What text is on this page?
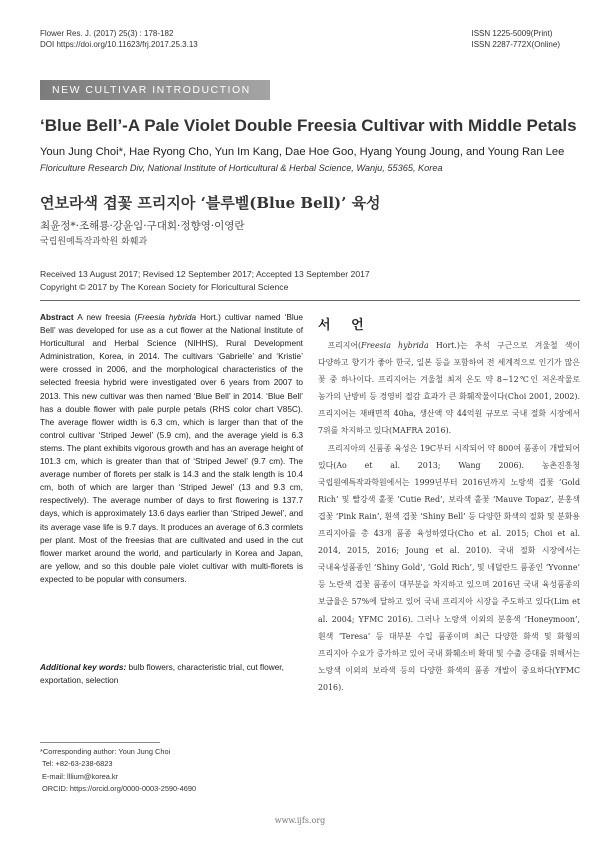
Flower Res. J. (2017) 25(3) : 178-182
DOI https://doi.org/10.11623/frj.2017.25.3.13
ISSN 1225-5009(Print)
ISSN 2287-772X(Online)
NEW CULTIVAR INTRODUCTION
‘Blue Bell’-A Pale Violet Double Freesia Cultivar with Middle Petals
Youn Jung Choi*, Hae Ryong Cho, Yun Im Kang, Dae Hoe Goo, Hyang Young Joung, and Young Ran Lee
Floriculture Research Div, National Institute of Horticultural & Herbal Science, Wanju, 55365, Korea
연보라색 겹꽃 프리지아 ‘블루벨(Blue Bell)’ 육성
최윤정*·조해룡·강윤임·구대회·정향영·이영란
국립원예특작과학원 화훼과
Received 13 August 2017; Revised 12 September 2017; Accepted 13 September 2017
Copyright © 2017 by The Korean Society for Floricultural Science
Abstract A new freesia (Freesia hybrida Hort.) cultivar named ‘Blue Bell’ was developed for use as a cut flower at the National Institute of Horticultural and Herbal Science (NIHHS), Rural Development Administration, Korea, in 2014. The cultivars ‘Gabrielle’ and ‘Kristie’ were crossed in 2006, and the morphological characteristics of the selected freesia hybrid were investigated over 6 years from 2007 to 2013. This new cultivar was then named ‘Blue Bell’ in 2014. ‘Blue Bell’ has a double flower with pale purple petals (RHS color chart V85C). The average flower width is 6.3 cm, which is larger than that of the control cultivar ‘Striped Jewel’ (5.9 cm), and the average yield is 6.3 stems. The plant exhibits vigorous growth and has an average height of 101.3 cm, which is greater than that of ‘Striped Jewel’ (9.7 cm). The average number of florets per stalk is 14.3 and the stalk length is 10.4 cm, both of which are larger than ‘Striped Jewel’ (13 and 9.3 cm, respectively). The average number of days to first flowering is 137.7 days, which is approximately 13.6 days earlier than ‘Striped Jewel’, and its average vase life is 9.7 days. It produces an average of 6.3 cormlets per plant. Most of the freesias that are cultivated and used in the cut flower market around the world, and particularly in Korea and Japan, are yellow, and so this double pale violet cultivar with multi-florets is expected to be popular with consumers.
Additional key words: bulb flowers, characteristic trial, cut flower, exportation, selection
*Corresponding author: Youn Jung Choi
Tel: +82-63-238-6823
E-mail: lllium@korea.kr
ORCID: https://orcid.org/0000-0003-2590-4690
서 언

프리지어(Freesia hybrida Hort.)는 추석 구근으로 겨울철 색이 다양하고 향기가 좋아 한국, 일본 등을 포함하여 전 세계적으로 인기가 많은 꽃 중 하나이다. 프리지어는 겨울철 최저 온도 약 8~12℃인 저온작물로 농가의 난방비 등 경영비 절감 효과가 큰 화훼작물이다(Choi 2001, 2002). 프리지어는 재배면적 40ha, 생산액 약 44억원 규모로 국내 절화 시장에서 7위를 차지하고 있다(MAFRA 2016).

프리지아의 신품종 육성은 19C부터 시작되어 약 800여 품종이 개발되어 있다(Ao et al. 2013; Wang 2006). 농촌진흥청 국립원예특작과학원에서는 1999년부터 2016년까지 노랑색 겹꽃 ‘Gold Rich’ 및 빨강색 홑꽃 ‘Cutie Red’, 보라색 홑꽃 ‘Mauve Topaz’, 분홍색 겹꽃 ‘Pink Rain’, 흰색 겹꽃 ‘Shiny Bell’ 등 다양한 화색의 절화 및 분화용 프리지아를 총 43개 품종 육성하였다(Cho et al. 2015; Choi et al. 2014, 2015, 2016; Joung et al. 2010). 국내 절화 시장에서는 국내육성품종인 ‘Shiny Gold’, ‘Gold Rich’, 및 네덜란드 품종인 ‘Yvonne’ 등 노란색 겹꽃 품종이 대부분을 차지하고 있으며 2016년 국내 육성품종의 보급율은 57%에 달하고 있어 국내 프리지아 시장을 주도하고 있다(Lim et al. 2004; YFMC 2016). 그러나 노랑색 이외의 분홍색 ‘Honeymoon’, 흰색 ‘Teresa’ 등 대부분 수입 품종이며 최근 다양한 화색 및 화형의 프리지아 수요가 증가하고 있어 국내 화훼소비 확대 및 수출 증대를 위해서는 노랑색 이외의 보라색 등의 다양한 화색의 품종 개발이 중요하다(YFMC 2016).

www.ijfs.org
